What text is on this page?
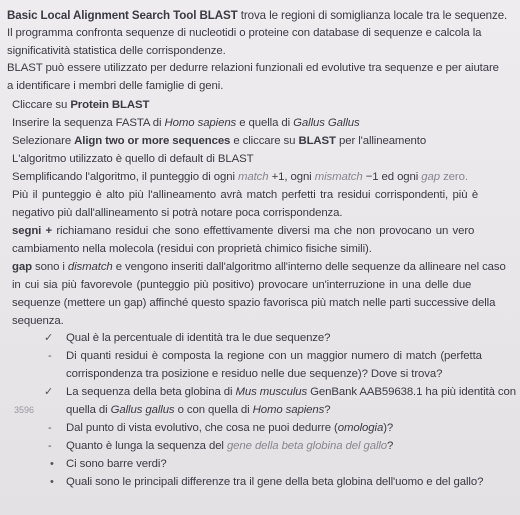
Basic Local Alignment Search Tool BLAST trova le regioni di somiglianza locale tra le sequenze.
Il programma confronta sequenze di nucleotidi o proteine con database di sequenze e calcola la
significatività statistica delle corrispondenze.
BLAST può essere utilizzato per dedurre relazioni funzionali ed evolutive tra sequenze e per aiutare
a identificare i membri delle famiglie di geni.
Cliccare su Protein BLAST
Inserire la sequenza FASTA di Homo sapiens e quella di Gallus Gallus
Selezionare Align two or more sequences e cliccare su BLAST per l'allineamento
L'algoritmo utilizzato è quello di default di BLAST
Semplificando l'algoritmo, il punteggio di ogni match +1, ogni mismatch −1 ed ogni gap zero.
Più il punteggio è alto più l'allineamento avrà match perfetti tra residui corrispondenti, più è
negativo più dall'allineamento si potrà notare poca corrispondenza.
segni + richiamano residui che sono effettivamente diversi ma che non provocano un vero
cambiamento nella molecola (residui con proprietà chimico fisiche simili).
gap sono i dismatch e vengono inseriti dall'algoritmo all'interno delle sequenze da allineare nel caso
in cui sia più favorevole (punteggio più positivo) provocare un'interruzione in una delle due
sequenze (mettere un gap) affinché questo spazio favorisca più match nelle parti successive della
sequenza.
✓ Qual è la percentuale di identità tra le due sequenze?
- Di quanti residui è composta la regione con un maggior numero di match (perfetta
corrispondenza tra posizione e residuo nelle due sequenze)? Dove si trova?
✓ La sequenza della beta globina di Mus musculus GenBank AAB59638.1 ha più identità con
3596	quella di Gallus gallus o con quella di Homo sapiens?
- Dal punto di vista evolutivo, che cosa ne puoi dedurre (omologia)?
- Quanto è lunga la sequenza del gene della beta globina del gallo?
• Ci sono barre verdi?
• Quali sono le principali differenze tra il gene della beta globina dell'uomo e del gallo?
